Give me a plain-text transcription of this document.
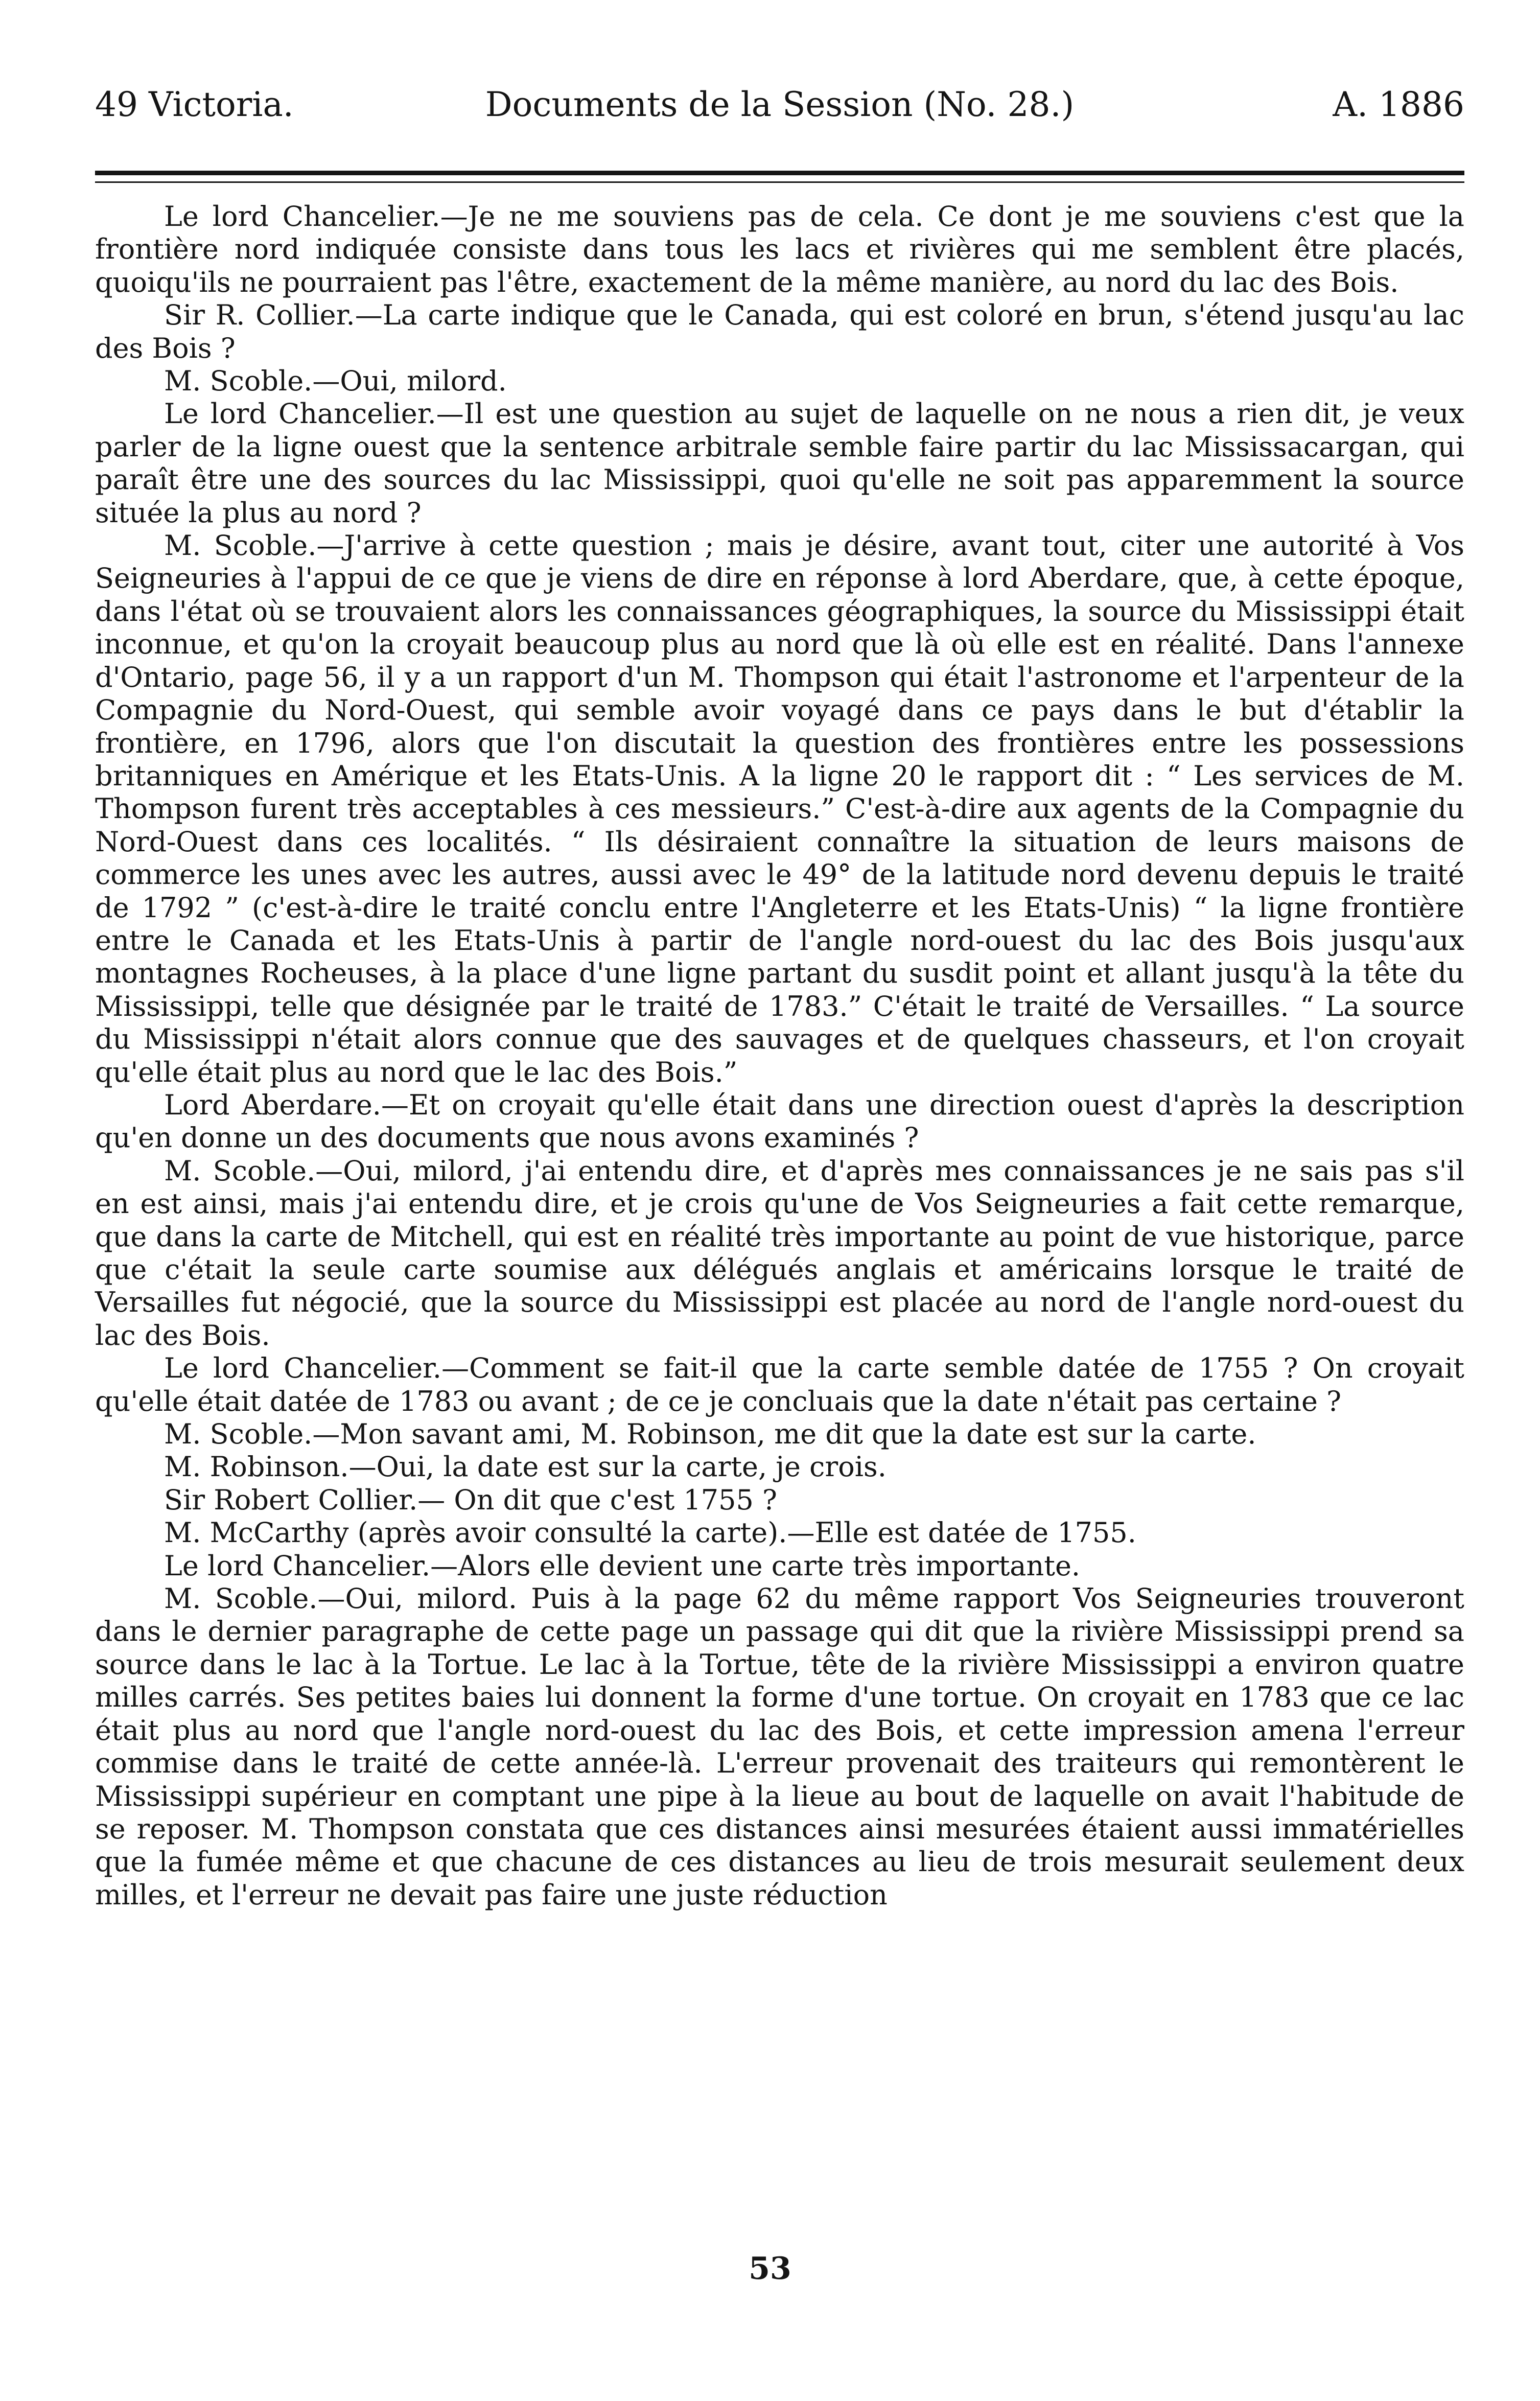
49 Victoria.	Documents de la Session (No. 28.)	A. 1886

Le lord Chancelier.—Je ne me souviens pas de cela. Ce dont je me souviens c'est que la frontière nord indiquée consiste dans tous les lacs et rivières qui me semblent être placés, quoiqu'ils ne pourraient pas l'être, exactement de la même manière, au nord du lac des Bois.

Sir R. Collier.—La carte indique que le Canada, qui est coloré en brun, s'étend jusqu'au lac des Bois ?

M. Scoble.—Oui, milord.

Le lord Chancelier.—Il est une question au sujet de laquelle on ne nous a rien dit, je veux parler de la ligne ouest que la sentence arbitrale semble faire partir du lac Mississacargan, qui paraît être une des sources du lac Mississippi, quoi qu'elle ne soit pas apparemment la source située la plus au nord ?

M. Scoble.—J'arrive à cette question ; mais je désire, avant tout, citer une autorité à Vos Seigneuries à l'appui de ce que je viens de dire en réponse à lord Aberdare, que, à cette époque, dans l'état où se trouvaient alors les connaissances géographiques, la source du Mississippi était inconnue, et qu'on la croyait beaucoup plus au nord que là où elle est en réalité. Dans l'annexe d'Ontario, page 56, il y a un rapport d'un M. Thompson qui était l'astronome et l'arpenteur de la Compagnie du Nord-Ouest, qui semble avoir voyagé dans ce pays dans le but d'établir la frontière, en 1796, alors que l'on discutait la question des frontières entre les possessions britanniques en Amérique et les Etats-Unis. A la ligne 20 le rapport dit : “ Les services de M. Thompson furent très acceptables à ces messieurs.” C'est-à-dire aux agents de la Compagnie du Nord-Ouest dans ces localités. “ Ils désiraient connaître la situation de leurs maisons de commerce les unes avec les autres, aussi avec le 49° de la latitude nord devenu depuis le traité de 1792 ” (c'est-à-dire le traité conclu entre l'Angleterre et les Etats-Unis) “ la ligne frontière entre le Canada et les Etats-Unis à partir de l'angle nord-ouest du lac des Bois jusqu'aux montagnes Rocheuses, à la place d'une ligne partant du susdit point et allant jusqu'à la tête du Mississippi, telle que désignée par le traité de 1783.” C'était le traité de Versailles. “ La source du Mississippi n'était alors connue que des sauvages et de quelques chasseurs, et l'on croyait qu'elle était plus au nord que le lac des Bois.”

Lord Aberdare.—Et on croyait qu'elle était dans une direction ouest d'après la description qu'en donne un des documents que nous avons examinés ?

M. Scoble.—Oui, milord, j'ai entendu dire, et d'après mes connaissances je ne sais pas s'il en est ainsi, mais j'ai entendu dire, et je crois qu'une de Vos Seigneuries a fait cette remarque, que dans la carte de Mitchell, qui est en réalité très importante au point de vue historique, parce que c'était la seule carte soumise aux délégués anglais et américains lorsque le traité de Versailles fut négocié, que la source du Mississippi est placée au nord de l'angle nord-ouest du lac des Bois.

Le lord Chancelier.—Comment se fait-il que la carte semble datée de 1755 ? On croyait qu'elle était datée de 1783 ou avant ; de ce je concluais que la date n'était pas certaine ?

M. Scoble.—Mon savant ami, M. Robinson, me dit que la date est sur la carte.

M. Robinson.—Oui, la date est sur la carte, je crois.

Sir Robert Collier.— On dit que c'est 1755 ?

M. McCarthy (après avoir consulté la carte).—Elle est datée de 1755.

Le lord Chancelier.—Alors elle devient une carte très importante.

M. Scoble.—Oui, milord. Puis à la page 62 du même rapport Vos Seigneuries trouveront dans le dernier paragraphe de cette page un passage qui dit que la rivière Mississippi prend sa source dans le lac à la Tortue. Le lac à la Tortue, tête de la rivière Mississippi a environ quatre milles carrés. Ses petites baies lui donnent la forme d'une tortue. On croyait en 1783 que ce lac était plus au nord que l'angle nord-ouest du lac des Bois, et cette impression amena l'erreur commise dans le traité de cette année-là. L'erreur provenait des traiteurs qui remontèrent le Mississippi supérieur en comptant une pipe à la lieue au bout de laquelle on avait l'habitude de se reposer. M. Thompson constata que ces distances ainsi mesurées étaient aussi immatérielles que la fumée même et que chacune de ces distances au lieu de trois mesurait seulement deux milles, et l'erreur ne devait pas faire une juste réduction

53
